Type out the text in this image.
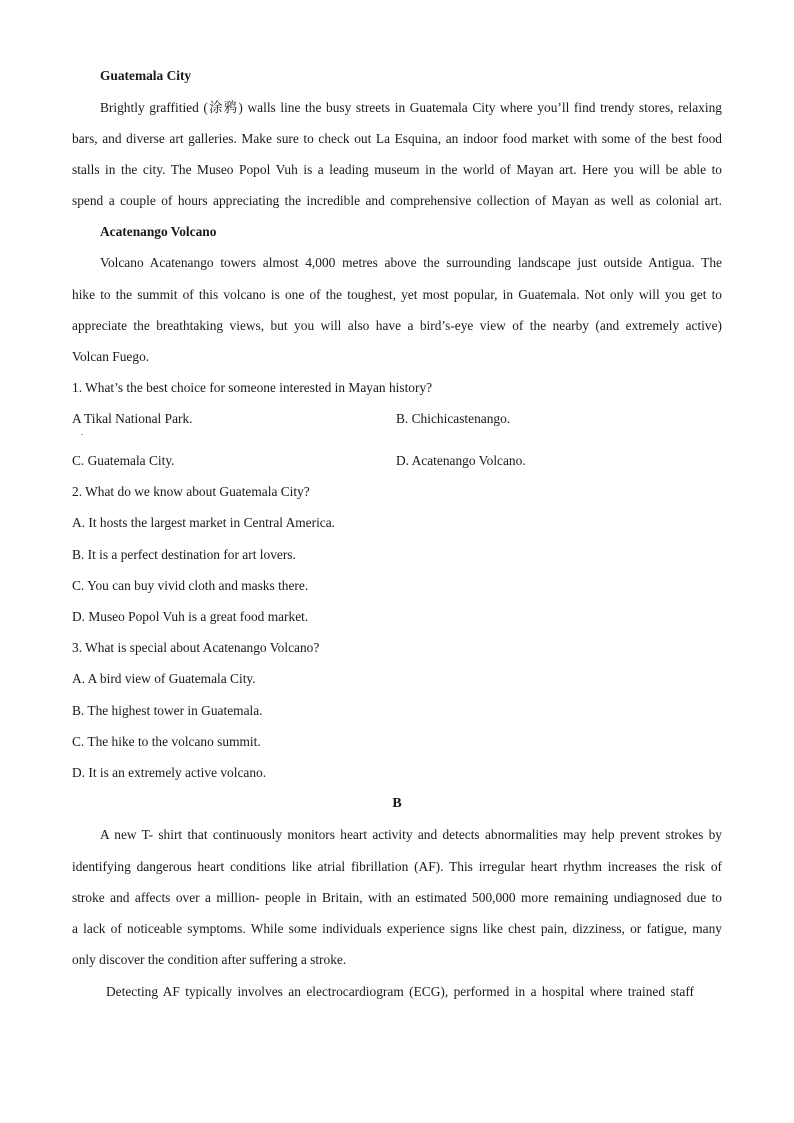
Guatemala City
Brightly graffitied (涂鸦) walls line the busy streets in Guatemala City where you’ll find trendy stores, relaxing
bars, and diverse art galleries. Make sure to check out La Esquina, an indoor food market with some of the best food
stalls in the city. The Museo Popol Vuh is a leading museum in the world of Mayan art. Here you will be able to
spend a couple of hours appreciating the incredible and comprehensive collection of Mayan as well as colonial art.
Acatenango Volcano
Volcano Acatenango towers almost 4,000 metres above the surrounding landscape just outside Antigua. The
hike to the summit of this volcano is one of the toughest, yet most popular, in Guatemala. Not only will you get to
appreciate the breathtaking views, but you will also have a bird’s-eye view of the nearby (and extremely active)
Volcan Fuego.
1. What’s the best choice for someone interested in Mayan history?
A Tikal National Park.
.
B. Chichicastenango.
C. Guatemala City.	D. Acatenango Volcano.
2. What do we know about Guatemala City?
A. It hosts the largest market in Central America.
B. It is a perfect destination for art lovers.
C. You can buy vivid cloth and masks there.
D. Museo Popol Vuh is a great food market.
3. What is special about Acatenango Volcano?
A. A bird view of Guatemala City.
B. The highest tower in Guatemala.
C. The hike to the volcano summit.
D. It is an extremely active volcano.
B
A new T- shirt that continuously monitors heart activity and detects abnormalities may help prevent strokes by
identifying dangerous heart conditions like atrial fibrillation (AF). This irregular heart rhythm increases the risk of
stroke and affects over a million- people in Britain, with an estimated 500,000 more remaining undiagnosed due to
a lack of noticeable symptoms. While some individuals experience signs like chest pain, dizziness, or fatigue, many
only discover the condition after suffering a stroke.
Detecting AF typically involves an electrocardiogram (ECG), performed in a hospital where trained staff
